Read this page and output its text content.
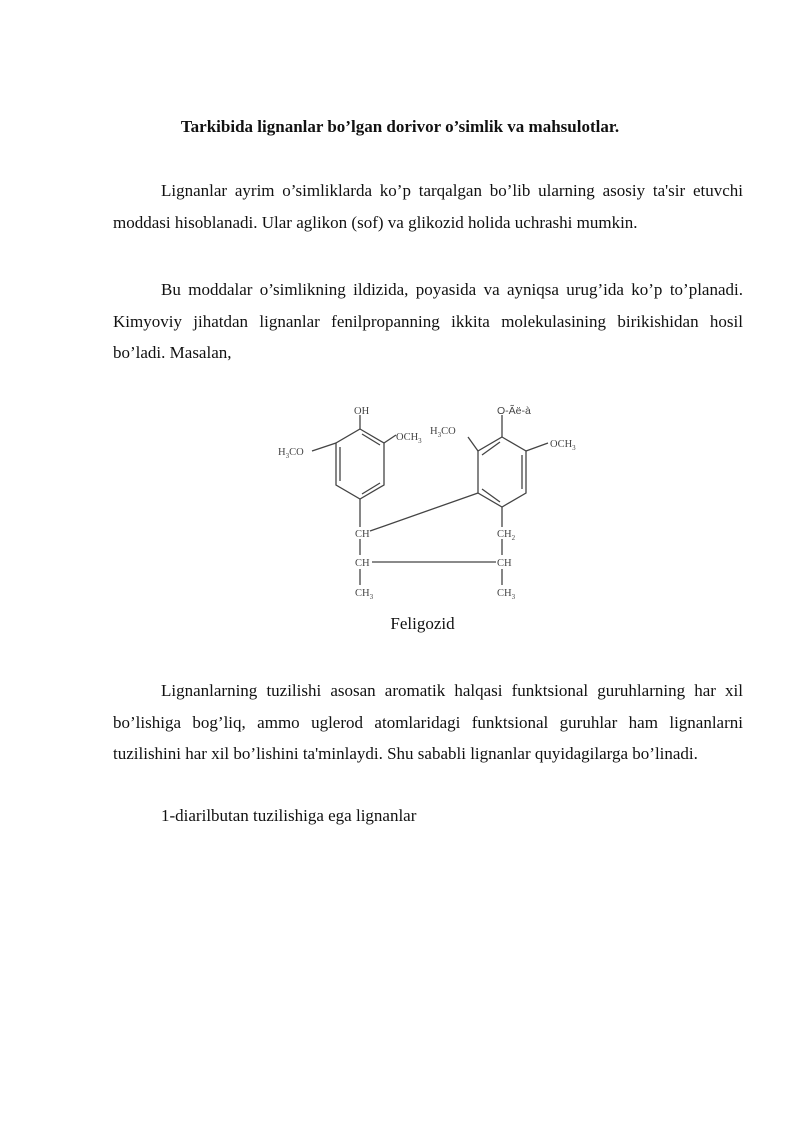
Tarkibida lignanlar bo’lgan dorivor o’simlik va mahsulotlar.
Lignanlar ayrim o’simliklarda ko’p tarqalgan bo’lib ularning asosiy ta'sir etuvchi moddasi hisoblanadi. Ular aglikon (sof) va glikozid holida uchrashi mumkin.
Bu moddalar o’simlikning ildizida, poyasida va ayniqsa urug’ida ko’p to’planadi. Kimyoviy jihatdan lignanlar fenilpropanning ikkita molekulasining birikishidan hosil bo’ladi. Masalan,
OH
$OCH_3$
$H_3CO$
$H_3CO$
O-Ãë-à
$OCH_3$
CH
CH
$CH_3$
$CH_2$
CH
$CH_3$
Feligozid
Lignanlarning tuzilishi asosan aromatik halqasi funktsional guruhlarning har xil bo’lishiga bog’liq, ammo uglerod atomlaridagi funktsional guruhlar ham lignanlarni tuzilishini har xil bo’lishini ta'minlaydi. Shu sababli lignanlar quyidagilarga bo’linadi.
1-diarilbutan tuzilishiga ega lignanlar
